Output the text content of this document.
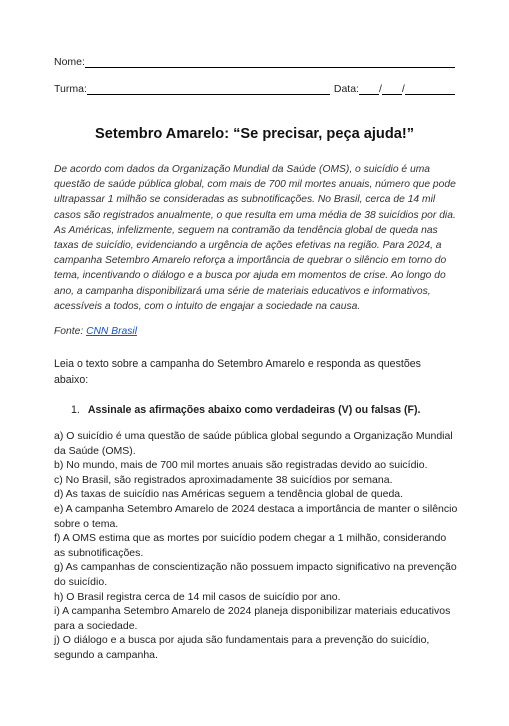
Nome:
Turma:	Data: / /
Setembro Amarelo: “Se precisar, peça ajuda!”

De acordo com dados da Organização Mundial da Saúde (OMS), o suicídio é uma questão de saúde pública global, com mais de 700 mil mortes anuais, número que pode ultrapassar 1 milhão se consideradas as subnotificações. No Brasil, cerca de 14 mil casos são registrados anualmente, o que resulta em uma média de 38 suicídios por dia. As Américas, infelizmente, seguem na contramão da tendência global de queda nas taxas de suicídio, evidenciando a urgência de ações efetivas na região. Para 2024, a campanha Setembro Amarelo reforça a importância de quebrar o silêncio em torno do tema, incentivando o diálogo e a busca por ajuda em momentos de crise. Ao longo do ano, a campanha disponibilizará uma série de materiais educativos e informativos, acessíveis a todos, com o intuito de engajar a sociedade na causa.

Fonte: CNN Brasil

Leia o texto sobre a campanha do Setembro Amarelo e responda as questões abaixo:

1. Assinale as afirmações abaixo como verdadeiras (V) ou falsas (F).
a) O suicídio é uma questão de saúde pública global segundo a Organização Mundial da Saúde (OMS).
b) No mundo, mais de 700 mil mortes anuais são registradas devido ao suicídio.
c) No Brasil, são registrados aproximadamente 38 suicídios por semana.
d) As taxas de suicídio nas Américas seguem a tendência global de queda.
e) A campanha Setembro Amarelo de 2024 destaca a importância de manter o silêncio sobre o tema.
f) A OMS estima que as mortes por suicídio podem chegar a 1 milhão, considerando as subnotificações.
g) As campanhas de conscientização não possuem impacto significativo na prevenção do suicídio.
h) O Brasil registra cerca de 14 mil casos de suicídio por ano.
i) A campanha Setembro Amarelo de 2024 planeja disponibilizar materiais educativos para a sociedade.
j) O diálogo e a busca por ajuda são fundamentais para a prevenção do suicídio, segundo a campanha.
